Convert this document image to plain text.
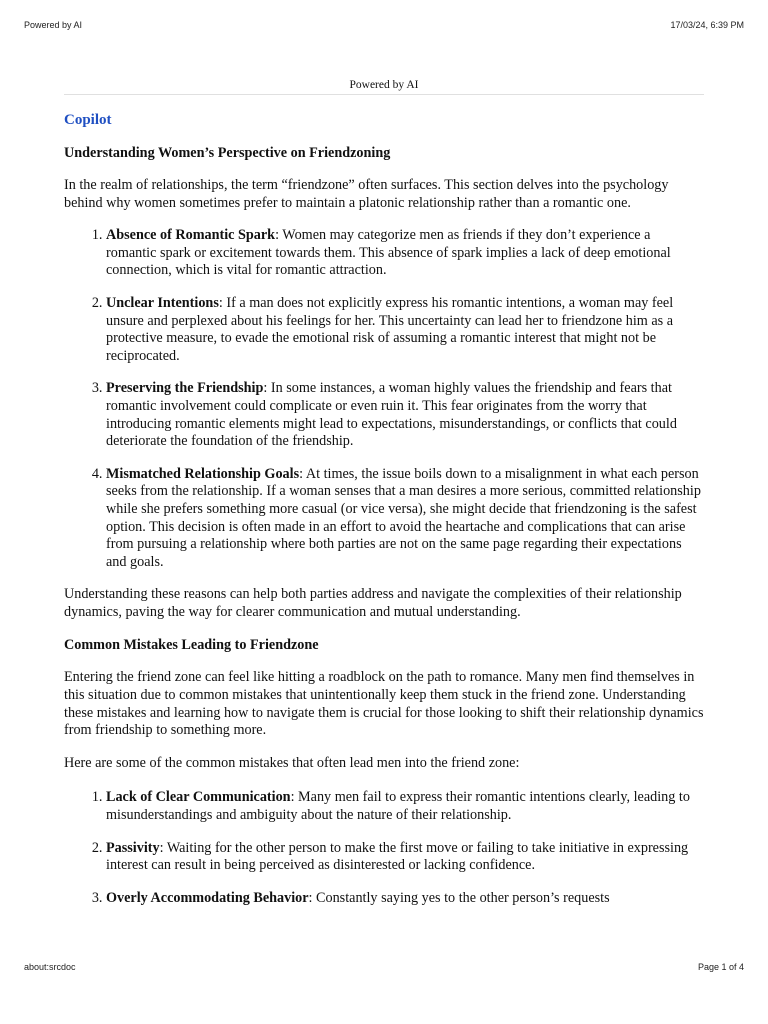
Powered by AI	17/03/24, 6:39 PM
Powered by AI
Copilot
Understanding Women’s Perspective on Friendzoning

In the realm of relationships, the term “friendzone” often surfaces. This section delves into the psychology behind why women sometimes prefer to maintain a platonic relationship rather than a romantic one.

1. Absence of Romantic Spark: Women may categorize men as friends if they don’t experience a romantic spark or excitement towards them. This absence of spark implies a lack of deep emotional connection, which is vital for romantic attraction.
2. Unclear Intentions: If a man does not explicitly express his romantic intentions, a woman may feel unsure and perplexed about his feelings for her. This uncertainty can lead her to friendzone him as a protective measure, to evade the emotional risk of assuming a romantic interest that might not be reciprocated.
3. Preserving the Friendship: In some instances, a woman highly values the friendship and fears that romantic involvement could complicate or even ruin it. This fear originates from the worry that introducing romantic elements might lead to expectations, misunderstandings, or conflicts that could deteriorate the foundation of the friendship.
4. Mismatched Relationship Goals: At times, the issue boils down to a misalignment in what each person seeks from the relationship. If a woman senses that a man desires a more serious, committed relationship while she prefers something more casual (or vice versa), she might decide that friendzoning is the safest option. This decision is often made in an effort to avoid the heartache and complications that can arise from pursuing a relationship where both parties are not on the same page regarding their expectations and goals.

Understanding these reasons can help both parties address and navigate the complexities of their relationship dynamics, paving the way for clearer communication and mutual understanding.

Common Mistakes Leading to Friendzone

Entering the friend zone can feel like hitting a roadblock on the path to romance. Many men find themselves in this situation due to common mistakes that unintentionally keep them stuck in the friend zone. Understanding these mistakes and learning how to navigate them is crucial for those looking to shift their relationship dynamics from friendship to something more.

Here are some of the common mistakes that often lead men into the friend zone:

1. Lack of Clear Communication: Many men fail to express their romantic intentions clearly, leading to misunderstandings and ambiguity about the nature of their relationship.
2. Passivity: Waiting for the other person to make the first move or failing to take initiative in expressing interest can result in being perceived as disinterested or lacking confidence.
3. Overly Accommodating Behavior: Constantly saying yes to the other person’s requests
about:srcdoc	Page 1 of 4
